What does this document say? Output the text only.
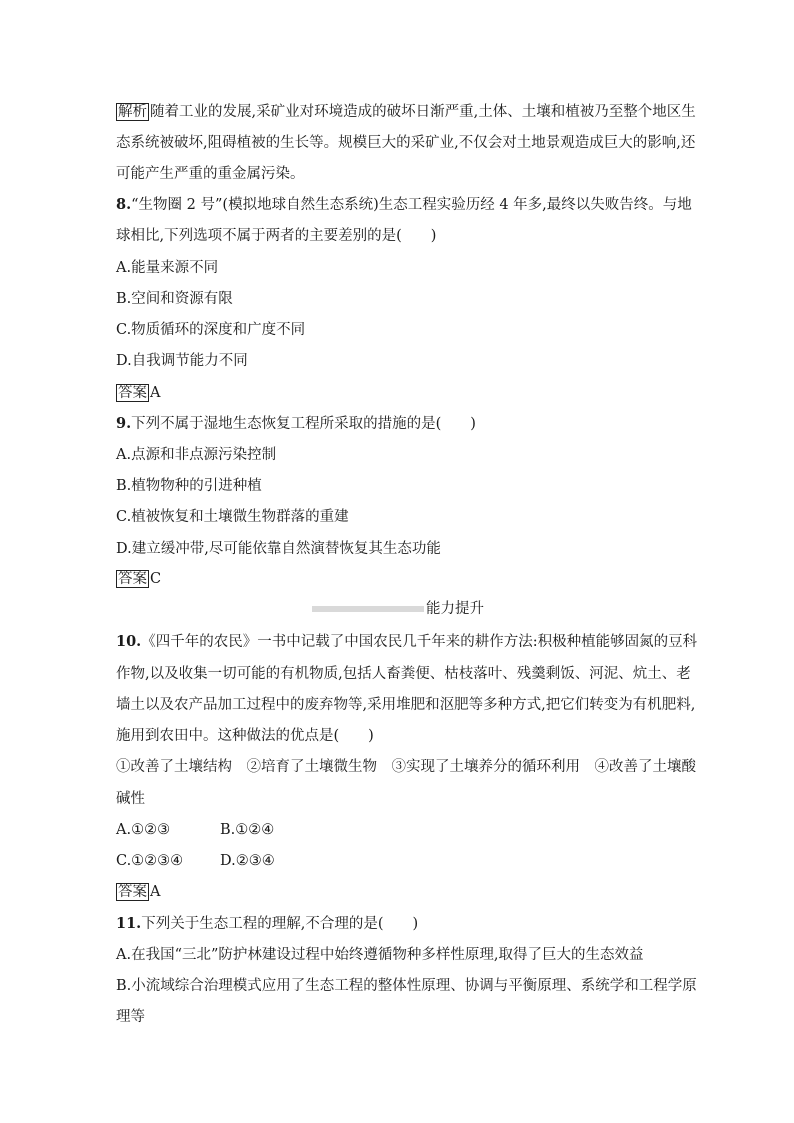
解析 随着工业的发展,采矿业对环境造成的破坏日渐严重,土体、土壤和植被乃至整个地区生
态系统被破坏,阻碍植被的生长等。规模巨大的采矿业,不仅会对土地景观造成巨大的影响,还
可能产生严重的重金属污染。
8.“生物圈 2 号”(模拟地球自然生态系统)生态工程实验历经 4 年多,最终以失败告终。与地
球相比,下列选项不属于两者的主要差别的是(　　)
A.能量来源不同
B.空间和资源有限
C.物质循环的深度和广度不同
D.自我调节能力不同
答案 A
9.下列不属于湿地生态恢复工程所采取的措施的是(　　)
A.点源和非点源污染控制
B.植物物种的引进种植
C.植被恢复和土壤微生物群落的重建
D.建立缓冲带,尽可能依靠自然演替恢复其生态功能
答案 C
能力提升
10.《四千年的农民》一书中记载了中国农民几千年来的耕作方法:积极种植能够固氮的豆科
作物,以及收集一切可能的有机物质,包括人畜粪便、枯枝落叶、残羹剩饭、河泥、炕土、老
墙土以及农产品加工过程中的废弃物等,采用堆肥和沤肥等多种方式,把它们转变为有机肥料,
施用到农田中。这种做法的优点是(　　)
①改善了土壤结构　②培育了土壤微生物　③实现了土壤养分的循环利用　④改善了土壤酸
碱性
A.①②③	B.①②④
C.①②③④	D.②③④
答案 A
11.下列关于生态工程的理解,不合理的是(　　)
A.在我国“三北”防护林建设过程中始终遵循物种多样性原理,取得了巨大的生态效益
B.小流域综合治理模式应用了生态工程的整体性原理、协调与平衡原理、系统学和工程学原
理等
